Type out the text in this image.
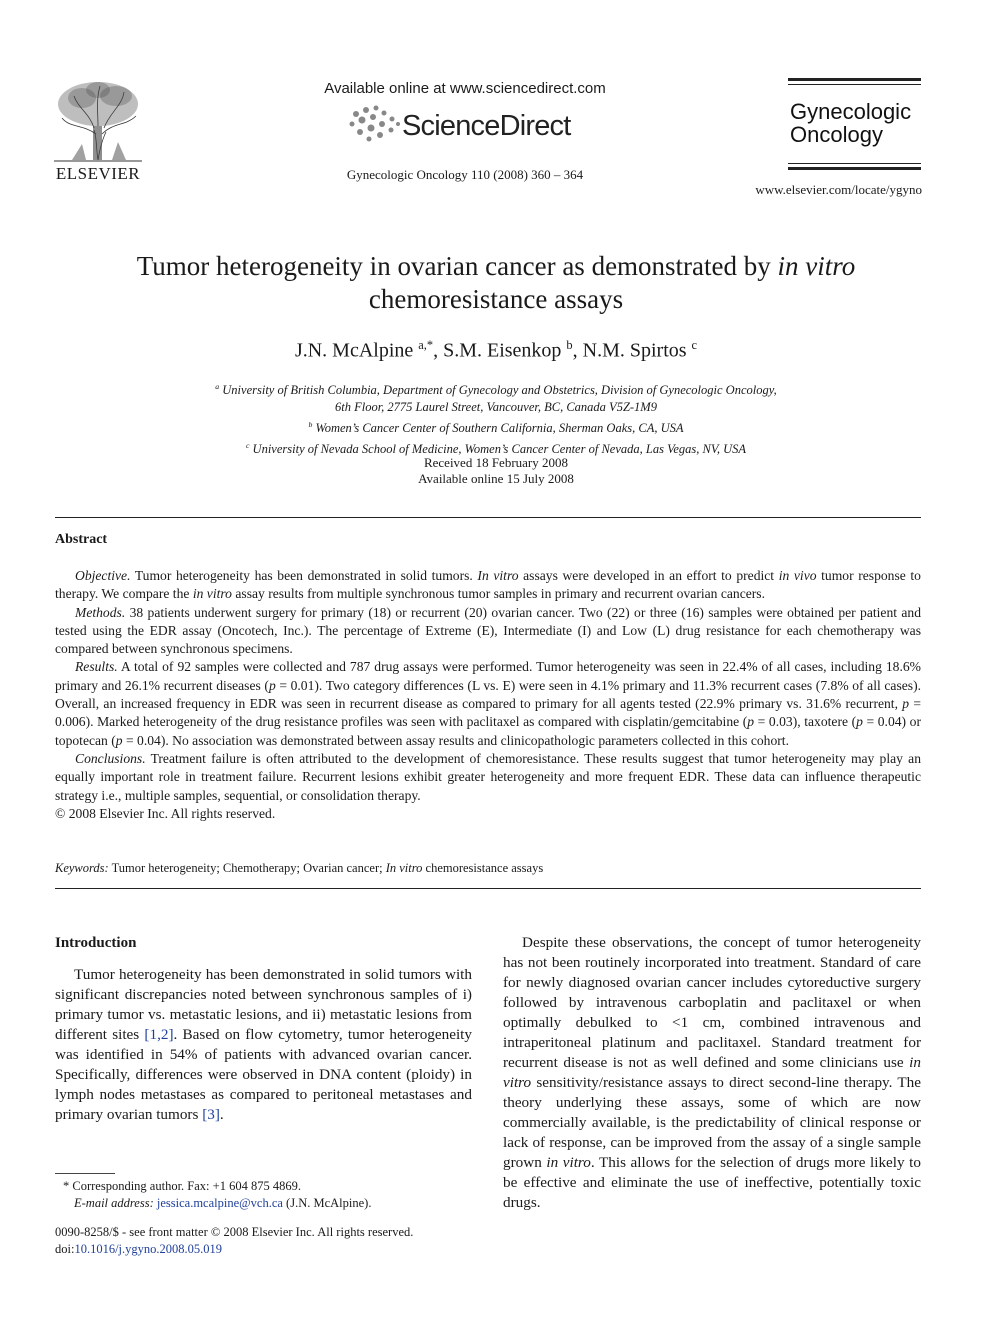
ELSEVIER
Available online at www.sciencedirect.com
ScienceDirect
Gynecologic Oncology 110 (2008) 360 – 364
Gynecologic
Oncology
www.elsevier.com/locate/ygyno
Tumor heterogeneity in ovarian cancer as demonstrated by in vitro
chemoresistance assays
J.N. McAlpine $^{a,*}$, S.M. Eisenkop $^b$, N.M. Spirtos $^c$
$^a$ University of British Columbia, Department of Gynecology and Obstetrics, Division of Gynecologic Oncology,
6th Floor, 2775 Laurel Street, Vancouver, BC, Canada V5Z-1M9
$^b$ Women’s Cancer Center of Southern California, Sherman Oaks, CA, USA
$^c$ University of Nevada School of Medicine, Women’s Cancer Center of Nevada, Las Vegas, NV, USA
Received 18 February 2008
Available online 15 July 2008
Abstract

Objective. Tumor heterogeneity has been demonstrated in solid tumors. In vitro assays were developed in an effort to predict in vivo tumor response to therapy. We compare the in vitro assay results from multiple synchronous tumor samples in primary and recurrent ovarian cancers.

Methods. 38 patients underwent surgery for primary (18) or recurrent (20) ovarian cancer. Two (22) or three (16) samples were obtained per patient and tested using the EDR assay (Oncotech, Inc.). The percentage of Extreme (E), Intermediate (I) and Low (L) drug resistance for each chemotherapy was compared between synchronous specimens.

Results. A total of 92 samples were collected and 787 drug assays were performed. Tumor heterogeneity was seen in 22.4% of all cases, including 18.6% primary and 26.1% recurrent diseases (p = 0.01). Two category differences (L vs. E) were seen in 4.1% primary and 11.3% recurrent cases (7.8% of all cases). Overall, an increased frequency in EDR was seen in recurrent disease as compared to primary for all agents tested (22.9% primary vs. 31.6% recurrent, p = 0.006). Marked heterogeneity of the drug resistance profiles was seen with paclitaxel as compared with cisplatin/gemcitabine (p = 0.03), taxotere (p = 0.04) or topotecan (p = 0.04). No association was demonstrated between assay results and clinicopathologic parameters collected in this cohort.

Conclusions. Treatment failure is often attributed to the development of chemoresistance. These results suggest that tumor heterogeneity may play an equally important role in treatment failure. Recurrent lesions exhibit greater heterogeneity and more frequent EDR. These data can influence therapeutic strategy i.e., multiple samples, sequential, or consolidation therapy.

© 2008 Elsevier Inc. All rights reserved.

Keywords: Tumor heterogeneity; Chemotherapy; Ovarian cancer; In vitro chemoresistance assays
Introduction

Tumor heterogeneity has been demonstrated in solid tumors with significant discrepancies noted between synchronous samples of i) primary tumor vs. metastatic lesions, and ii) metastatic lesions from different sites [1,2]. Based on flow cytometry, tumor heterogeneity was identified in 54% of patients with advanced ovarian cancer. Specifically, differences were observed in DNA content (ploidy) in lymph nodes metastases as compared to peritoneal metastases and primary ovarian tumors [3].

Despite these observations, the concept of tumor heterogeneity has not been routinely incorporated into treatment. Standard of care for newly diagnosed ovarian cancer includes cytoreductive surgery followed by intravenous carboplatin and paclitaxel or when optimally debulked to <1 cm, combined intravenous and intraperitoneal platinum and paclitaxel. Standard treatment for recurrent disease is not as well defined and some clinicians use in vitro sensitivity/resistance assays to direct second-line therapy. The theory underlying these assays, some of which are now commercially available, is the predictability of clinical response or lack of response, can be improved from the assay of a single sample grown in vitro. This allows for the selection of drugs more likely to be effective and eliminate the use of ineffective, potentially toxic drugs.

* Corresponding author. Fax: +1 604 875 4869.
E-mail address: jessica.mcalpine@vch.ca (J.N. McAlpine).
0090-8258/$ - see front matter © 2008 Elsevier Inc. All rights reserved.
doi:10.1016/j.ygyno.2008.05.019
